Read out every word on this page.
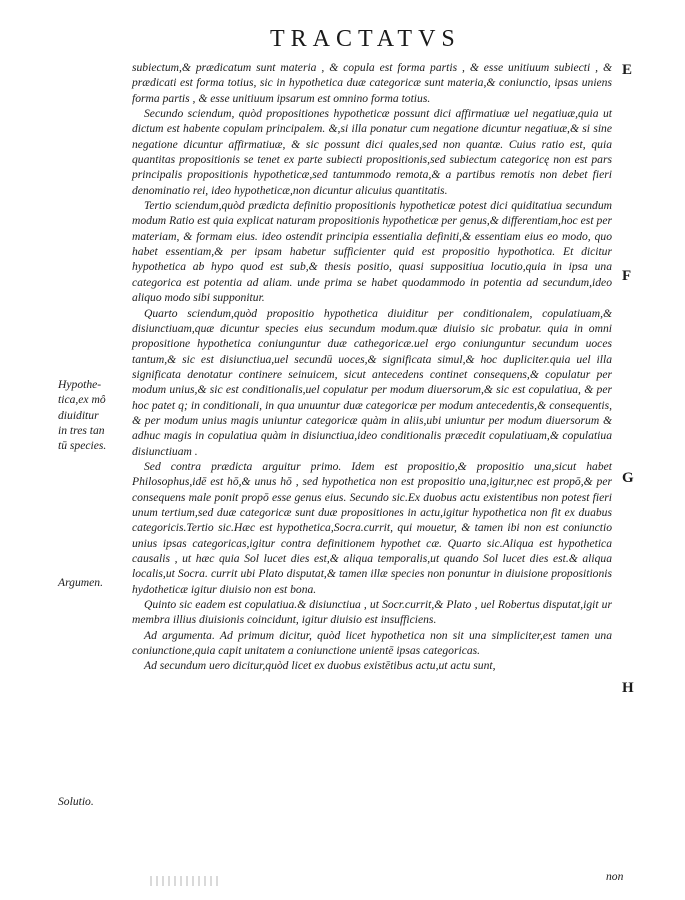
TRACTATVS

subiectum,& prædicatum sunt materia , & copula est forma partis , & esse unitiuum subiecti , & prædicati est forma totius, sic in hypothetica duæ categoricæ sunt materia,& coniunctio, ipsas uniens forma partis , & esse unitiuum ipsarum est omnino forma totius.

Secundo sciendum, quòd propositiones hypotheticæ possunt dici affirmatiuæ uel negatiuæ,quia ut dictum est habente copulam principalem. &,si illa ponatur cum negatione dicuntur negatiuæ,& si sine negatione dicuntur affirmatiuæ, & sic possunt dici quales,sed non quantæ. Cuius ratio est, quia quantitas propositionis se tenet ex parte subiecti propositionis,sed subiectum categoricę non est pars principalis propositionis hypotheticæ,sed tantummodo remota,& a partibus remotis non debet fieri denominatio rei, ideo hypotheticæ,non dicuntur alicuius quantitatis.

Tertio sciendum,quòd prædicta definitio propositionis hypotheticæ potest dici quiditatiua secundum modum Ratio est quia explicat naturam propositionis hypotheticæ per genus,& differentiam,hoc est per materiam, & formam eius. ideo ostendit principia essentialia definiti,& essentiam eius eo modo, quo habet essentiam,& per ipsam habetur sufficienter quid est propositio hypothotica. Et dicitur hypothetica ab hypo quod est sub,& thesis positio, quasi suppositiua locutio,quia in ipsa una categorica est potentia ad aliam. unde prima se habet quodammodo in potentia ad secundum,ideo aliquo modo sibi supponitur.

Quarto sciendum,quòd propositio hypothetica diuiditur per conditionalem, copulatiuam,& disiunctiuam,quæ dicuntur species eius secundum modum.quæ diuisio sic probatur. quia in omni propositione hypothetica coniunguntur duæ cathegoricæ.uel ergo coniunguntur secundum uoces tantum,& sic est disiunctiua,uel secundū uoces,& significata simul,& hoc dupliciter.quia uel illa significata denotatur continere seinuicem, sicut antecedens continet consequens,& copulatur per modum unius,& sic est conditionalis,uel copulatur per modum diuersorum,& sic est copulatiua, & per hoc patet q; in conditionali, in qua unuuntur duæ categoricæ per modum antecedentis,& consequentis, & per modum unius magis uniuntur categoricæ quàm in aliis,ubi uniuntur per modum diuersorum & adhuc magis in copulatiua quàm in disiunctiua,ideo conditionalis præcedit copulatiuam,& copulatiua disiunctiuam .

Sed contra prædicta arguitur primo. Idem est propositio,& propositio una,sicut habet Philosophus,idē est hō,& unus hō , sed hypothetica non est propositio una,igitur,nec est propō,& per consequens male ponit propō esse genus eius. Secundo sic.Ex duobus actu existentibus non potest fieri unum tertium,sed duæ categoricæ sunt duæ propositiones in actu,igitur hypothetica non fit ex duabus categoricis.Tertio sic.Hæc est hypothetica,Socra.currit, qui mouetur, & tamen ibi non est coniunctio unius ipsas categoricas,igitur contra definitionem hypothet cæ. Quarto sic.Aliqua est hypothetica causalis , ut hæc quia Sol lucet dies est,& aliqua temporalis,ut quando Sol lucet dies est.& aliqua localis,ut Socra. currit ubi Plato disputat,& tamen illæ species non ponuntur in diuisione propositionis hydotheticæ igitur diuisio non est bona.

Quinto sic eadem est copulatiua.& disiunctiua , ut Socr.currit,& Plato , uel Robertus disputat,igit ur membra illius diuisionis coincidunt, igitur diuisio est insufficiens.

Ad argumenta. Ad primum dicitur, quòd licet hypothetica non sit una simpliciter,est tamen una coniunctione,quia capit unitatem a coniunctione unientē ipsas categoricas.

Ad secundum uero dicitur,quòd licet ex duobus existētibus actu,ut actu sunt,

Hypothe-
tica,ex mô
diuiditur
in tres tan
tū species.
Argumen.
Solutio.
E
F
G
H
non
